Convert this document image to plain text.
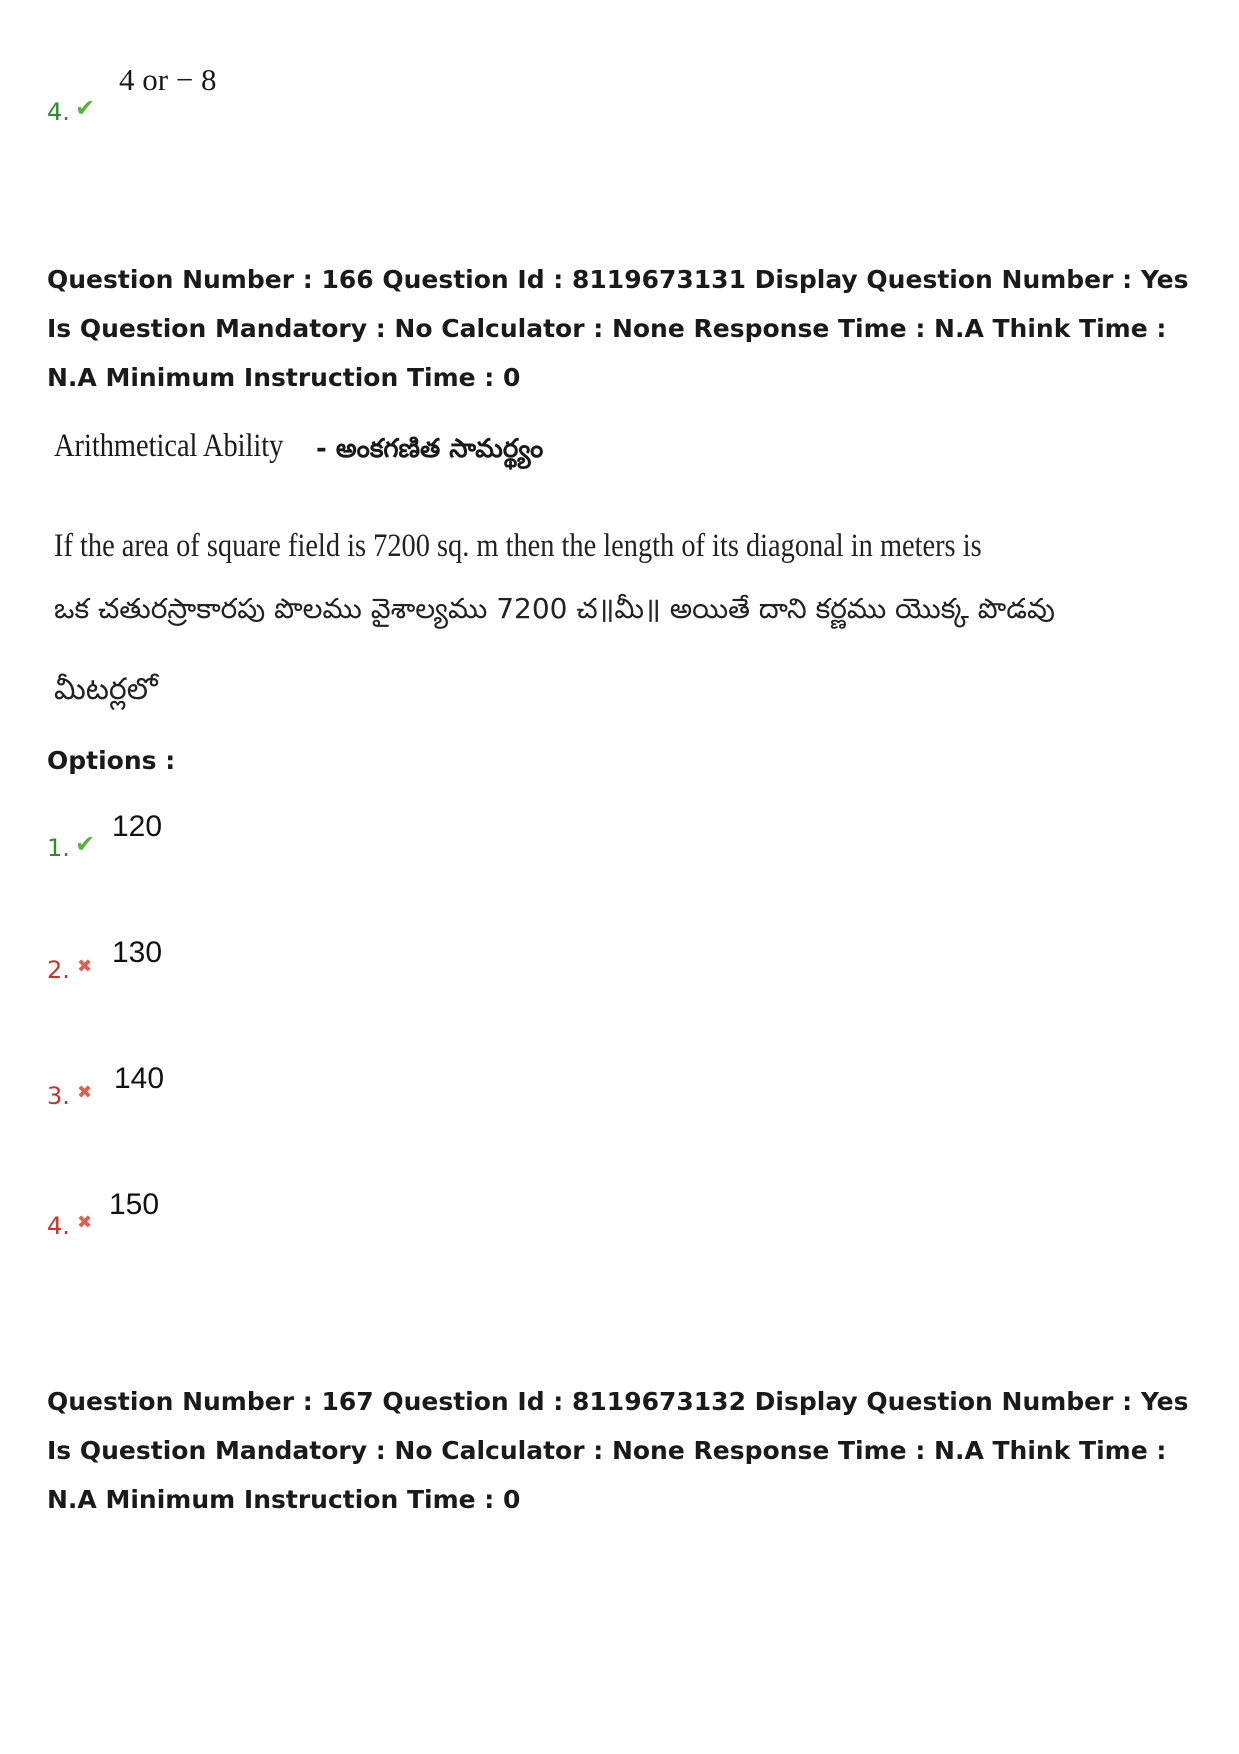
4. ✔
4 or − 8
Question Number : 166 Question Id : 8119673131 Display Question Number : Yes Is Question Mandatory : No Calculator : None Response Time : N.A Think Time : N.A Minimum Instruction Time : 0
Arithmetical Ability - అంకగణిత సామర్థ్యం
If the area of square field is 7200 sq. m then the length of its diagonal in meters is
ఒక చతురస్రాకారపు పొలము వైశాల్యము 7200 చ॥మీ॥ అయితే దాని కర్ణము యొక్క పొడవు
మీటర్లలో
Options :
1. ✔
120
2. ✖ 130
3. ✖ 140
4. ✖
150
Question Number : 167 Question Id : 8119673132 Display Question Number : Yes Is Question Mandatory : No Calculator : None Response Time : N.A Think Time : N.A Minimum Instruction Time : 0
